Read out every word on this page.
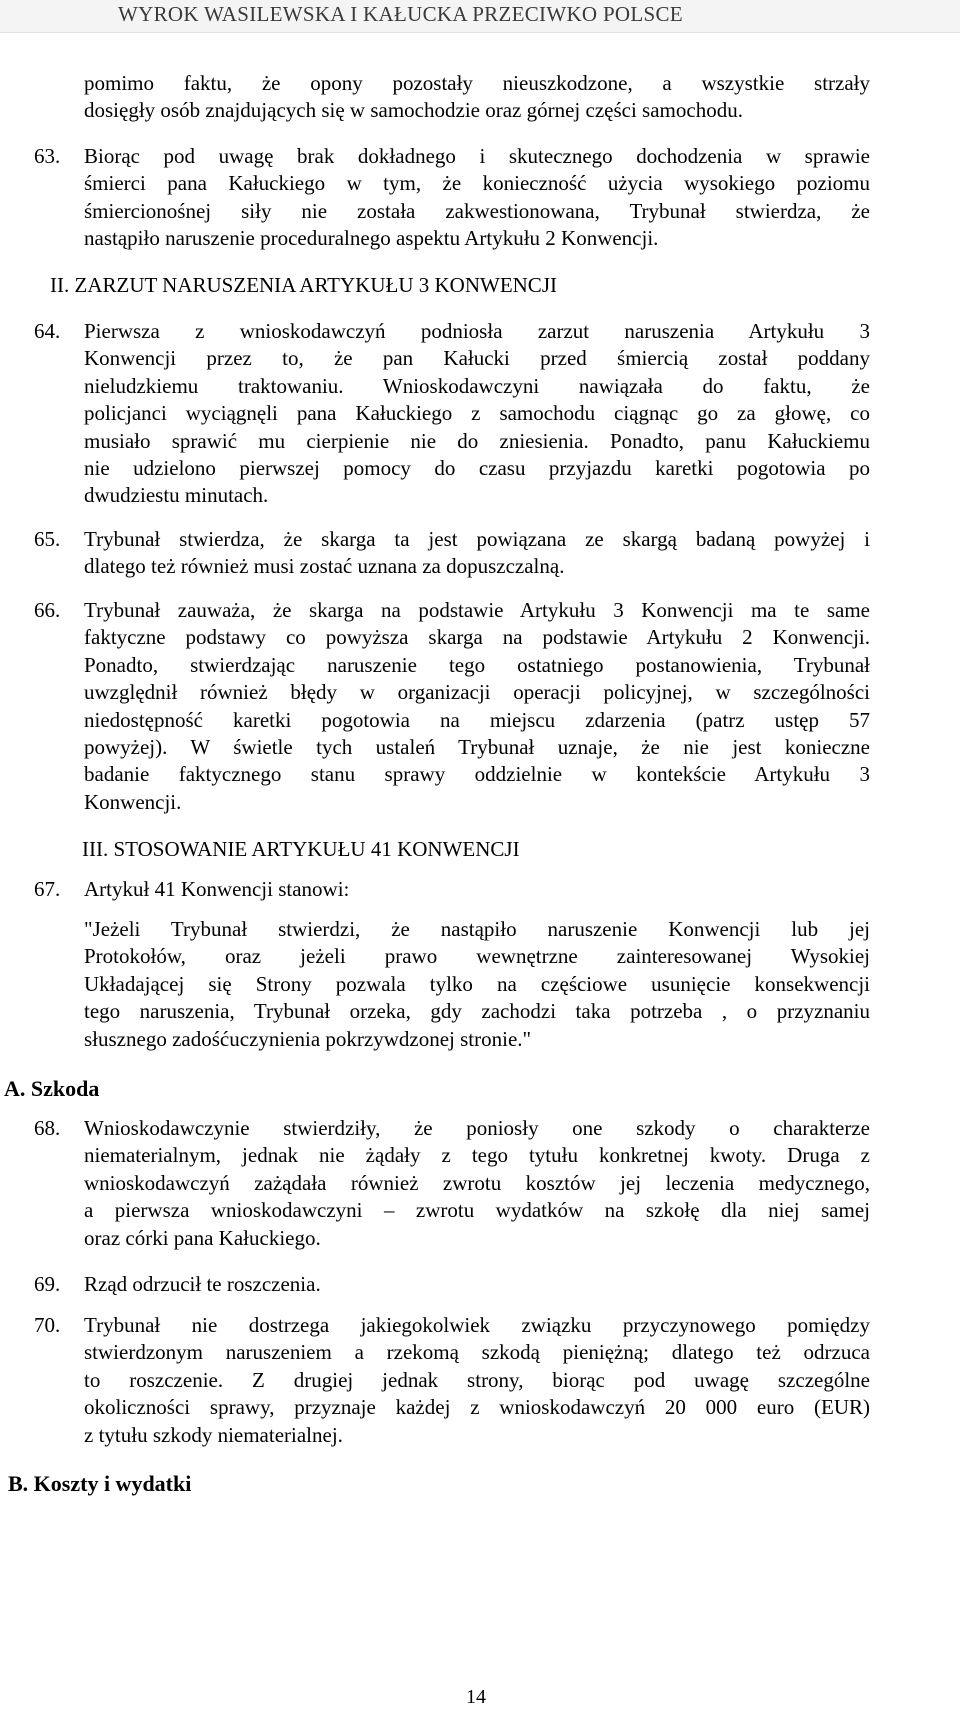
WYROK WASILEWSKA I KAŁUCKA PRZECIWKO POLSCE
pomimo faktu, że opony pozostały nieuszkodzone, a wszystkie strzały
dosięgły osób znajdujących się w samochodzie oraz górnej części samochodu.
63. Biorąc pod uwagę brak dokładnego i skutecznego dochodzenia w sprawie
śmierci pana Kałuckiego w tym, że konieczność użycia wysokiego poziomu
śmiercionośnej siły nie została zakwestionowana, Trybunał stwierdza, że
nastąpiło naruszenie proceduralnego aspektu Artykułu 2 Konwencji.
II. ZARZUT NARUSZENIA ARTYKUŁU 3 KONWENCJI
64. Pierwsza z wnioskodawczyń podniosła zarzut naruszenia Artykułu 3
Konwencji przez to, że pan Kałucki przed śmiercią został poddany
nieludzkiemu traktowaniu. Wnioskodawczyni nawiązała do faktu, że
policjanci wyciągnęli pana Kałuckiego z samochodu ciągnąc go za głowę, co
musiało sprawić mu cierpienie nie do zniesienia. Ponadto, panu Kałuckiemu
nie udzielono pierwszej pomocy do czasu przyjazdu karetki pogotowia po
dwudziestu minutach.
65. Trybunał stwierdza, że skarga ta jest powiązana ze skargą badaną powyżej i
dlatego też również musi zostać uznana za dopuszczalną.
66. Trybunał zauważa, że skarga na podstawie Artykułu 3 Konwencji ma te same
faktyczne podstawy co powyższa skarga na podstawie Artykułu 2 Konwencji.
Ponadto, stwierdzając naruszenie tego ostatniego postanowienia, Trybunał
uwzględnił również błędy w organizacji operacji policyjnej, w szczególności
niedostępność karetki pogotowia na miejscu zdarzenia (patrz ustęp 57
powyżej). W świetle tych ustaleń Trybunał uznaje, że nie jest konieczne
badanie faktycznego stanu sprawy oddzielnie w kontekście Artykułu 3
Konwencji.
III. STOSOWANIE ARTYKUŁU 41 KONWENCJI
67. Artykuł 41 Konwencji stanowi:
"Jeżeli Trybunał stwierdzi, że nastąpiło naruszenie Konwencji lub jej
Protokołów, oraz jeżeli prawo wewnętrzne zainteresowanej Wysokiej
Układającej się Strony pozwala tylko na częściowe usunięcie konsekwencji
tego naruszenia, Trybunał orzeka, gdy zachodzi taka potrzeba , o przyznaniu
słusznego zadośćuczynienia pokrzywdzonej stronie."
A. Szkoda
68. Wnioskodawczynie stwierdziły, że poniosły one szkody o charakterze
niematerialnym, jednak nie żądały z tego tytułu konkretnej kwoty. Druga z
wnioskodawczyń zażądała również zwrotu kosztów jej leczenia medycznego,
a pierwsza wnioskodawczyni – zwrotu wydatków na szkołę dla niej samej
oraz córki pana Kałuckiego.
69. Rząd odrzucił te roszczenia.
70. Trybunał nie dostrzega jakiegokolwiek związku przyczynowego pomiędzy
stwierdzonym naruszeniem a rzekomą szkodą pieniężną; dlatego też odrzuca
to roszczenie. Z drugiej jednak strony, biorąc pod uwagę szczególne
okoliczności sprawy, przyznaje każdej z wnioskodawczyń 20 000 euro (EUR)
z tytułu szkody niematerialnej.
B. Koszty i wydatki
14
